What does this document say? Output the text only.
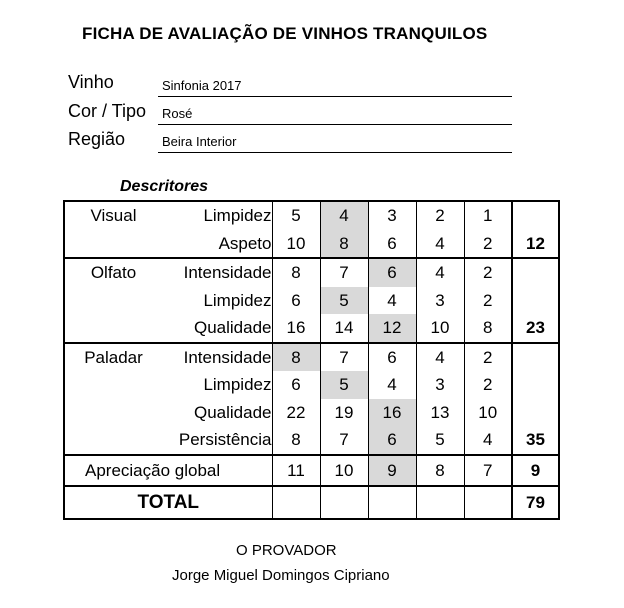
FICHA DE AVALIAÇÃO DE VINHOS TRANQUILOS
Vinho	Sinfonia 2017
Cor / Tipo Rosé
Região	Beira Interior
Descritores
Visual	Limpidez	5	4	3	2	1	
	Aspeto	10	8	6	4	2	12
Olfato	Intensidade	8	7	6	4	2	
	Limpidez	6	5	4	3	2	
	Qualidade	16	14	12	10	8	23
Paladar	Intensidade	8	7	6	4	2	
	Limpidez	6	5	4	3	2	
	Qualidade	22	19	16	13	10	
	Persistência	8	7	6	5	4	35
Apreciação global		11	10	9	8	7	9
TOTAL							79
O PROVADOR
Jorge Miguel Domingos Cipriano
